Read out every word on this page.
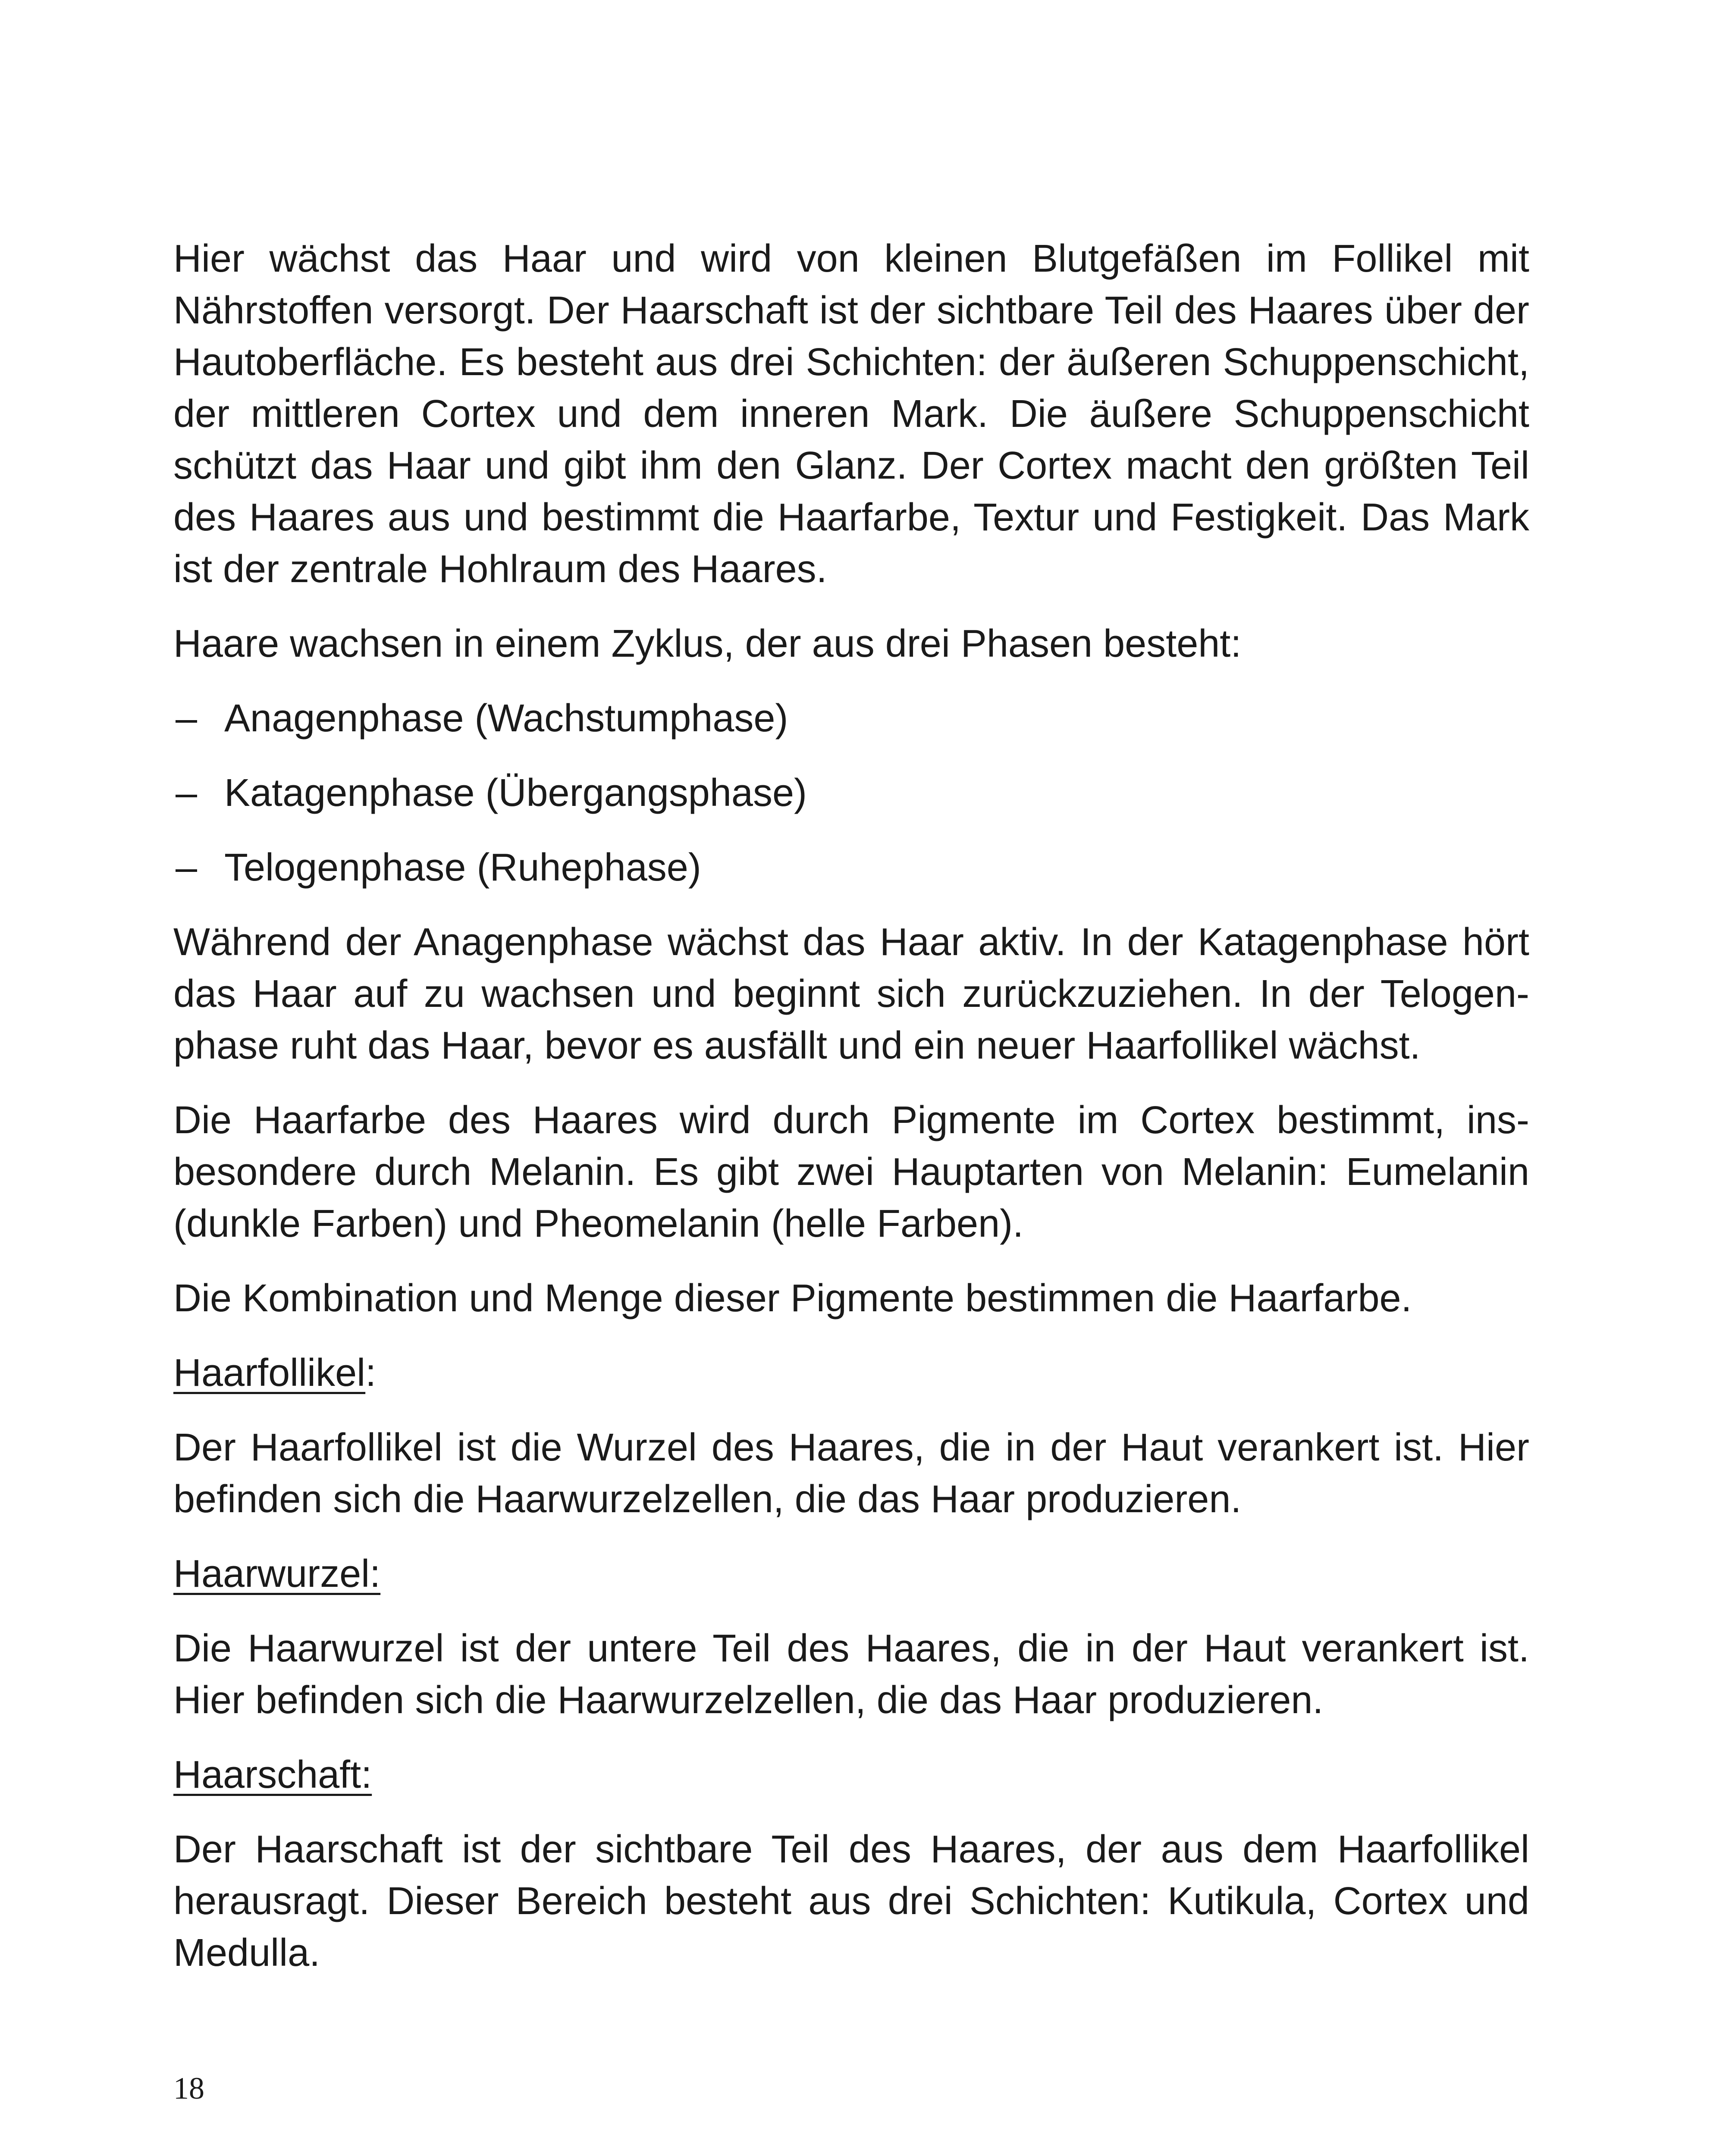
Hier wächst das Haar und wird von kleinen Blutgefäßen im Follikel mit Nährstoffen versorgt. Der Haarschaft ist der sichtbare Teil des Haares über der Hautoberfläche. Es besteht aus drei Schichten: der äußeren Schuppenschicht, der mittleren Cortex und dem inneren Mark. Die äußere Schuppenschicht schützt das Haar und gibt ihm den Glanz. Der Cortex macht den größten Teil des Haares aus und bestimmt die Haarfarbe, Textur und Festigkeit. Das Mark ist der zentrale Hohlraum des Haares.

Haare wachsen in einem Zyklus, der aus drei Phasen besteht:

– Anagenphase (Wachstumphase)
– Katagenphase (Übergangsphase)
– Telogenphase (Ruhephase)

Während der Anagenphase wächst das Haar aktiv. In der Katagenphase hört das Haar auf zu wachsen und beginnt sich zurückzuziehen. In der Telogenphase ruht das Haar, bevor es ausfällt und ein neuer Haarfollikel wächst.

Die Haarfarbe des Haares wird durch Pigmente im Cortex bestimmt, insbesondere durch Melanin. Es gibt zwei Hauptarten von Melanin: Eumelanin (dunkle Farben) und Pheomelanin (helle Farben).

Die Kombination und Menge dieser Pigmente bestimmen die Haarfarbe.

Haarfollikel:

Der Haarfollikel ist die Wurzel des Haares, die in der Haut verankert ist. Hier befinden sich die Haarwurzelzellen, die das Haar produzieren.

Haarwurzel:

Die Haarwurzel ist der untere Teil des Haares, die in der Haut verankert ist. Hier befinden sich die Haarwurzelzellen, die das Haar produzieren.

Haarschaft:

Der Haarschaft ist der sichtbare Teil des Haares, der aus dem Haarfollikel herausragt. Dieser Bereich besteht aus drei Schichten: Kutikula, Cortex und Medulla.

18
